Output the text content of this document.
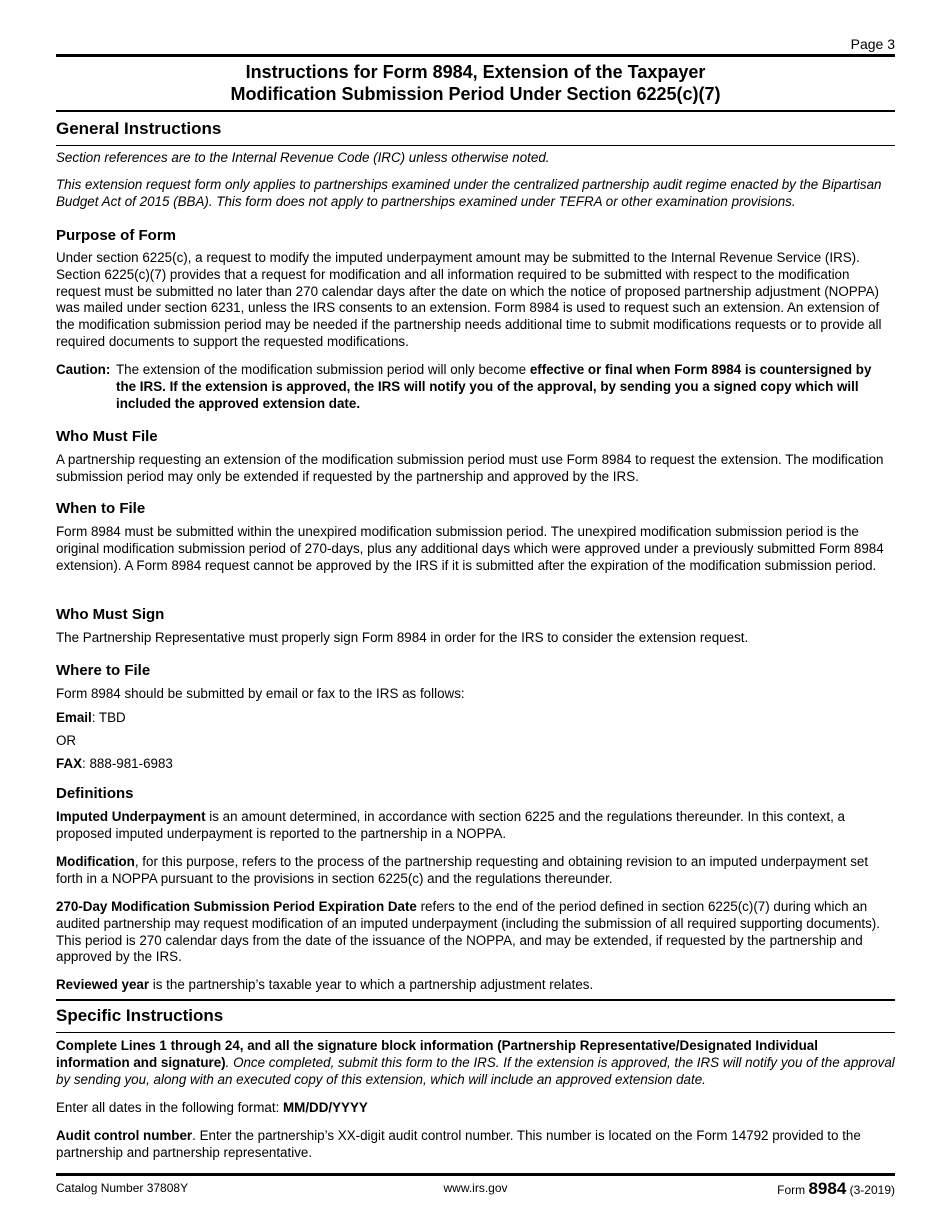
Page 3
Instructions for Form 8984, Extension of the Taxpayer
Modification Submission Period Under Section 6225(c)(7)
General Instructions

Section references are to the Internal Revenue Code (IRC) unless otherwise noted.

This extension request form only applies to partnerships examined under the centralized partnership audit regime enacted by the Bipartisan Budget Act of 2015 (BBA). This form does not apply to partnerships examined under TEFRA or other examination provisions.

Purpose of Form

Under section 6225(c), a request to modify the imputed underpayment amount may be submitted to the Internal Revenue Service (IRS). Section 6225(c)(7) provides that a request for modification and all information required to be submitted with respect to the modification request must be submitted no later than 270 calendar days after the date on which the notice of proposed partnership adjustment (NOPPA) was mailed under section 6231, unless the IRS consents to an extension. Form 8984 is used to request such an extension. An extension of the modification submission period may be needed if the partnership needs additional time to submit modifications requests or to provide all required documents to support the requested modifications.

Caution: The extension of the modification submission period will only become effective or final when Form 8984 is countersigned by the IRS. If the extension is approved, the IRS will notify you of the approval, by sending you a signed copy which will included the approved extension date.
Who Must File

A partnership requesting an extension of the modification submission period must use Form 8984 to request the extension. The modification submission period may only be extended if requested by the partnership and approved by the IRS.

When to File

Form 8984 must be submitted within the unexpired modification submission period. The unexpired modification submission period is the original modification submission period of 270-days, plus any additional days which were approved under a previously submitted Form 8984 extension). A Form 8984 request cannot be approved by the IRS if it is submitted after the expiration of the modification submission period.

Who Must Sign

The Partnership Representative must properly sign Form 8984 in order for the IRS to consider the extension request.

Where to File

Form 8984 should be submitted by email or fax to the IRS as follows:

Email: TBD

OR

FAX: 888-981-6983

Definitions

Imputed Underpayment is an amount determined, in accordance with section 6225 and the regulations thereunder. In this context, a proposed imputed underpayment is reported to the partnership in a NOPPA.

Modification, for this purpose, refers to the process of the partnership requesting and obtaining revision to an imputed underpayment set forth in a NOPPA pursuant to the provisions in section 6225(c) and the regulations thereunder.

270-Day Modification Submission Period Expiration Date refers to the end of the period defined in section 6225(c)(7) during which an audited partnership may request modification of an imputed underpayment (including the submission of all required supporting documents). This period is 270 calendar days from the date of the issuance of the NOPPA, and may be extended, if requested by the partnership and approved by the IRS.

Reviewed year is the partnership’s taxable year to which a partnership adjustment relates.

Specific Instructions

Complete Lines 1 through 24, and all the signature block information (Partnership Representative/Designated Individual information and signature). Once completed, submit this form to the IRS. If the extension is approved, the IRS will notify you of the approval by sending you, along with an executed copy of this extension, which will include an approved extension date.

Enter all dates in the following format: MM/DD/YYYY

Audit control number. Enter the partnership’s XX-digit audit control number. This number is located on the Form 14792 provided to the partnership and partnership representative.

Catalog Number 37808Y	www.irs.gov	Form 8984 (3-2019)
